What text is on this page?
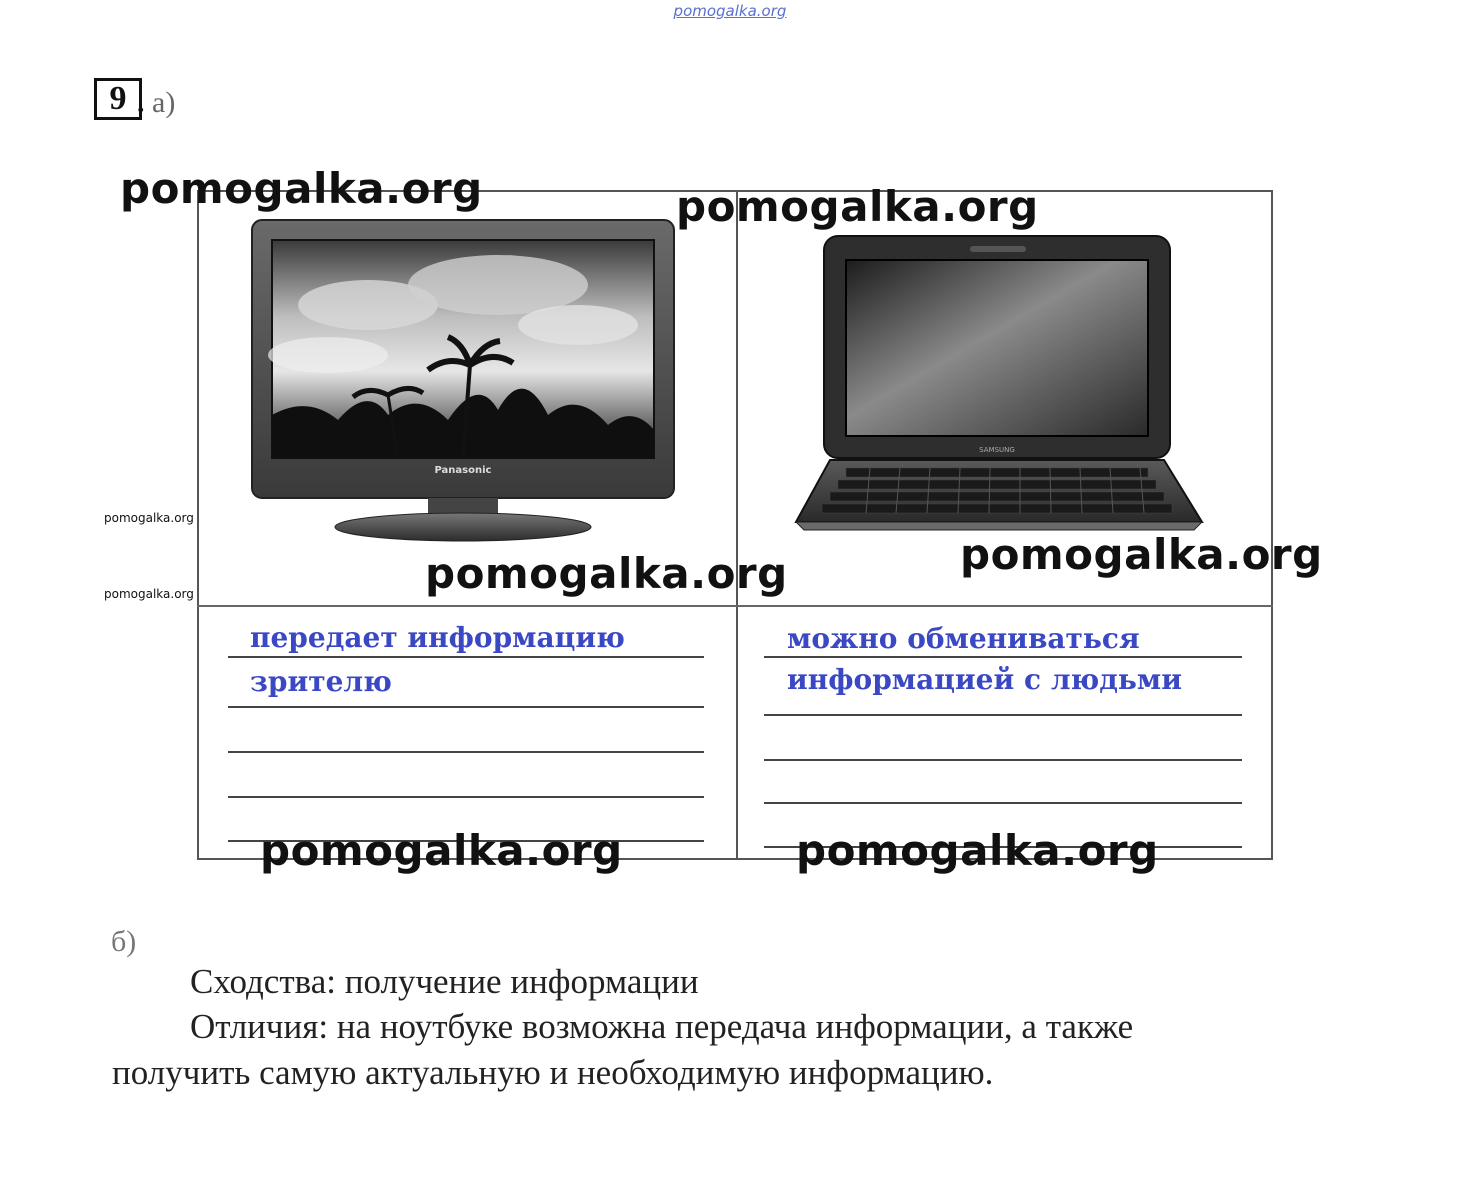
pomogalka.org
9 . а)
Panasonic
SAMSUNG
передает информацию
зрителю
можно обмениваться
информацией с людьми
pomogalka.org	pomogalka.org
pomogalka.org
pomogalka.org
pomogalka.org	pomogalka.org
pomogalka.org
pomogalka.org
б)
Сходства: получение информации
Отличия: на ноутбуке возможна передача информации, а также
получить самую актуальную и необходимую информацию.
